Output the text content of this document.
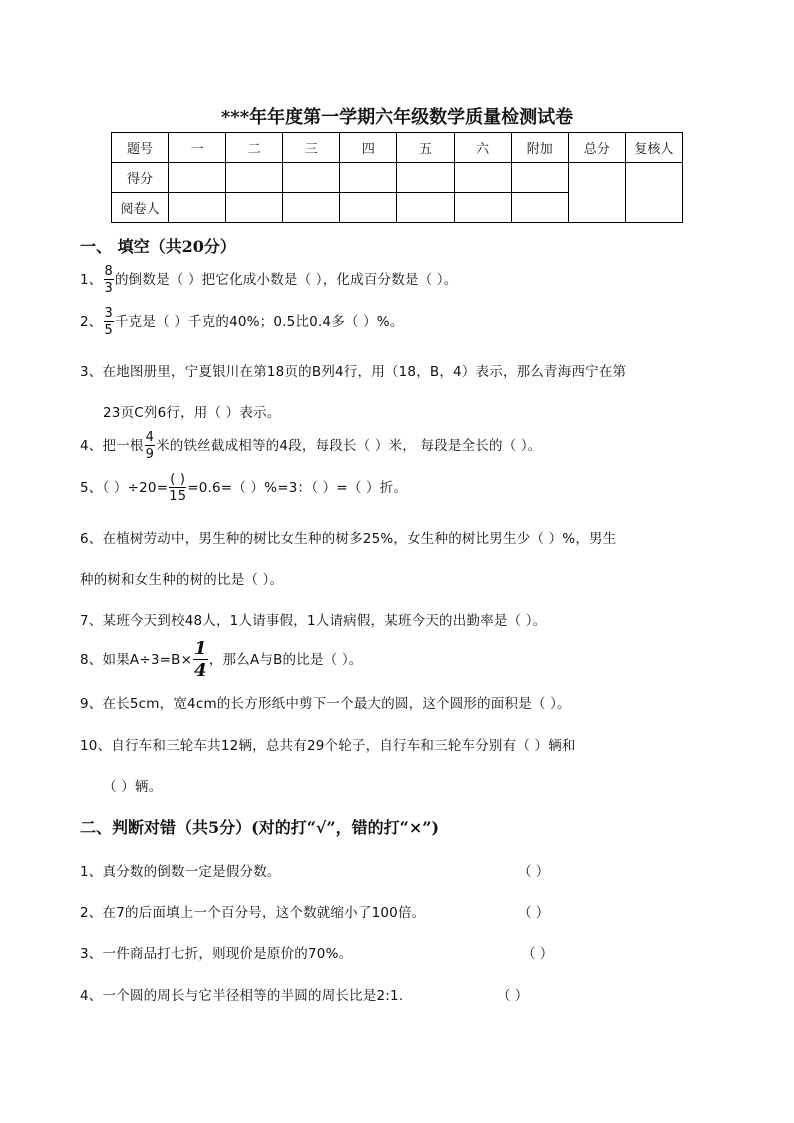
***年年度第一学期六年级数学质量检测试卷
题号	一	二	三	四	五	六	附加	总分	复核人
得分									
阅卷人									
一、 填空（共20分）
1、 $\frac{8}{3}$ 的倒数是（ ）把它化成小数是（ ），化成百分数是（ ）。
2、 $\frac{3}{5}$ 千克是（ ）千克的40%；0.5比0.4多（ ）%。
3、在地图册里，宁夏银川在第18页的B列4行，用（18，B，4）表示，那么青海西宁在第
23页C列6行，用（ ）表示。
4、把一根 $\frac{4}{9}$ 米的铁丝截成相等的4段，每段长（ ）米， 每段是全长的（ ）。
5、（ ）$\div 20= \frac{( )}{15} =0.6=$（ ）%=3：（ ）=（ ）折。
6、在植树劳动中，男生种的树比女生种的树多25%，女生种的树比男生少（ ）%，男生
种的树和女生种的树的比是（ ）。
7、某班今天到校48人，1人请事假，1人请病假，某班今天的出勤率是（ ）。
8、如果$A\div 3=B\times \frac{1}{4}$ ，那么A与B的比是（ ）。
9、在长5cm，宽4cm的长方形纸中剪下一个最大的圆，这个圆形的面积是（ ）。
10、自行车和三轮车共12辆，总共有29个轮子，自行车和三轮车分别有（ ）辆和
（ ）辆。
二、判断对错（共5分）(对的打“√”，错的打“×”)
1、真分数的倒数一定是假分数。	（ ）
2、在7的后面填上一个百分号，这个数就缩小了100倍。	（ ）
3、一件商品打七折，则现价是原价的70%。	（ ）
4、一个圆的周长与它半径相等的半圆的周长比是2:1.	（ ）
